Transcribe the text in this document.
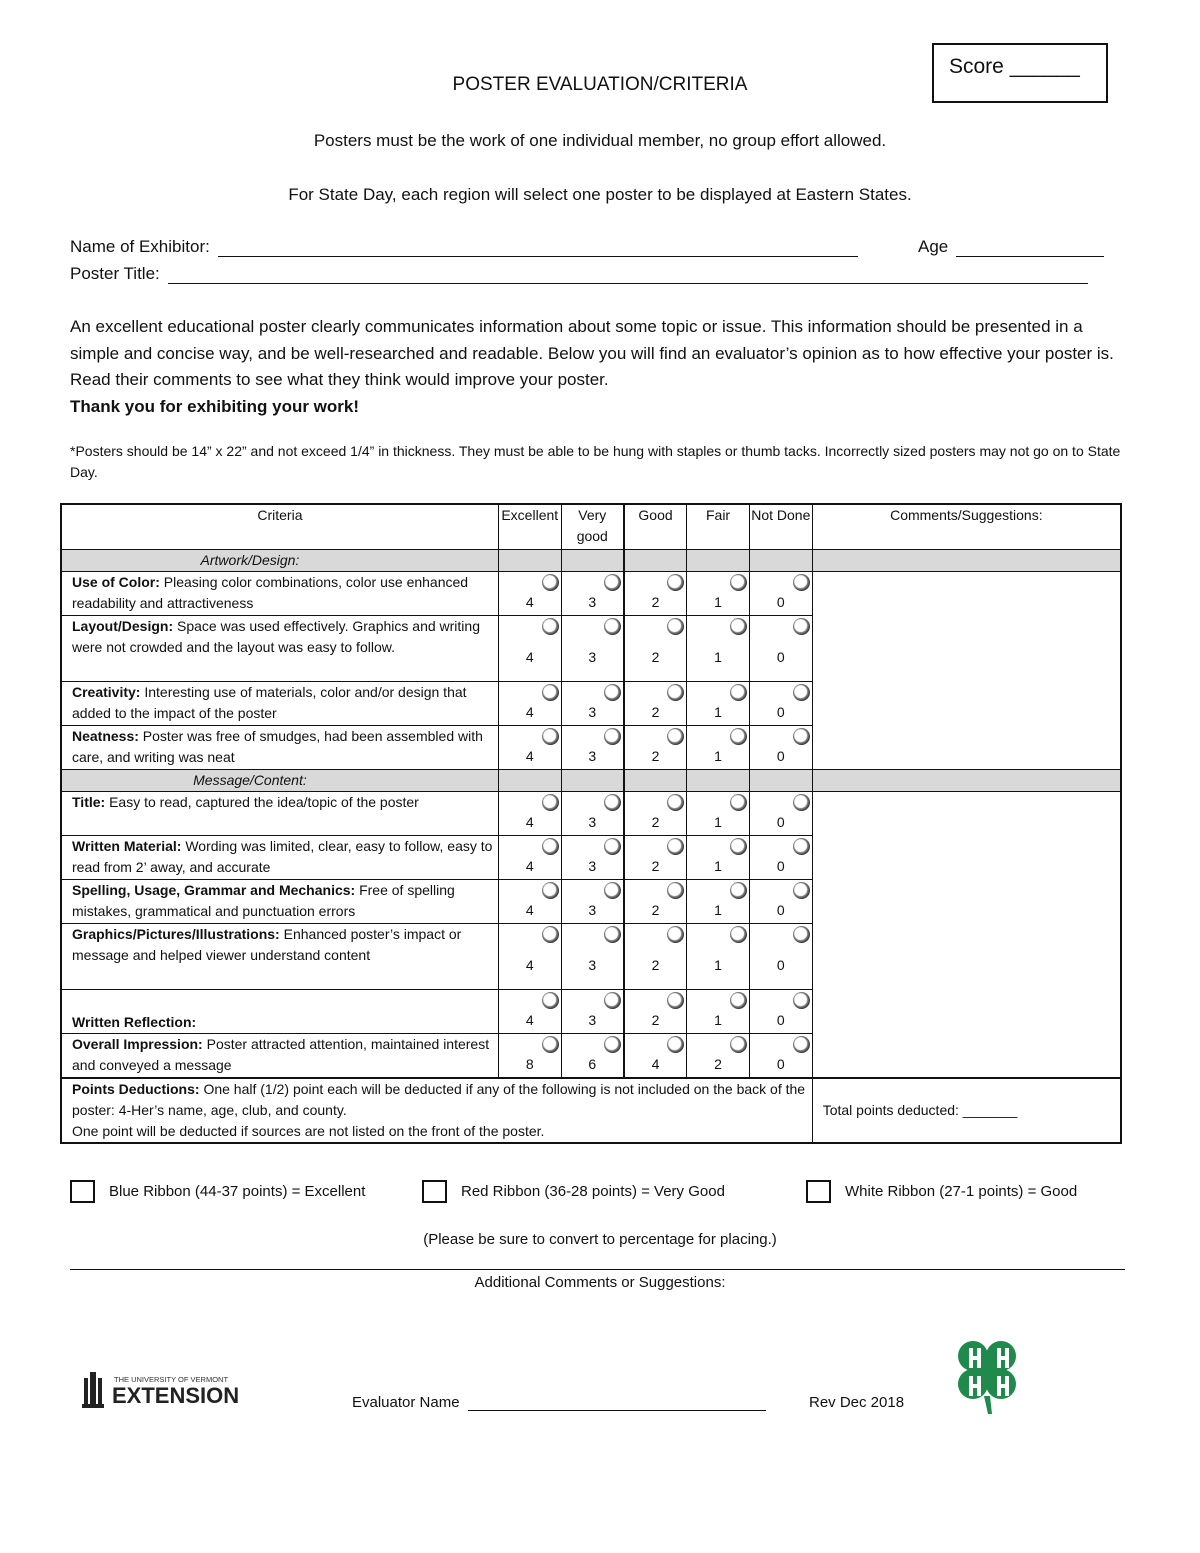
Score ______
POSTER EVALUATION/CRITERIA
Posters must be the work of one individual member, no group effort allowed.
For State Day, each region will select one poster to be displayed at Eastern States.
Name of Exhibitor:	Age
Poster Title:
An excellent educational poster clearly communicates information about some topic or issue. This information should be presented in a simple and concise way, and be well-researched and readable. Below you will find an evaluator’s opinion as to how effective your poster is. Read their comments to see what they think would improve your poster.
Thank you for exhibiting your work!
*Posters should be 14” x 22” and not exceed 1/4” in thickness. They must be able to be hung with staples or thumb tacks. Incorrectly sized posters may not go on to State Day.
Criteria	Excellent	Very good	Good	Fair	Not Done	Comments/Suggestions:
Artwork/Design:						
Use of Color: Pleasing color combinations, color use enhanced readability and attractiveness	4	3	2	1	0

Layout/Design: Space was used effectively. Graphics and writing were not crowded and the layout was easy to follow.	4	3	2	1	0	

Creativity: Interesting use of materials, color and/or design that added to the impact of the poster	4	3	2	1	0	

Neatness: Poster was free of smudges, had been assembled with care, and writing was neat	4	3	2	1	0	

Message/Content:						
Title: Easy to read, captured the idea/topic of the poster	4	3	2	1	0

Written Material: Wording was limited, clear, easy to follow, easy to read from 2’ away, and accurate	4	3	2	1	0	

Spelling, Usage, Grammar and Mechanics: Free of spelling mistakes, grammatical and punctuation errors	4	3	2	1	0	

Graphics/Pictures/Illustrations: Enhanced poster’s impact or message and helped viewer understand content	4	3	2	1	0	

Written Reflection:	4	3	2	1	0	

Overall Impression: Poster attracted attention, maintained interest and conveyed a message	8	6	4	2	0	

Points Deductions: One half (1/2) point each will be deducted if any of the following is not included on the back of the poster: 4-Her’s name, age, club, and county.
One point will be deducted if sources are not listed on the front of the poster.						Total points deducted: _______
Blue Ribbon (44-37 points) = Excellent	Red Ribbon (36-28 points) = Very Good	White Ribbon (27-1 points) = Good
(Please be sure to convert to percentage for placing.)
Additional Comments or Suggestions:
THE UNIVERSITY OF VERMONT
EXTENSION	Evaluator Name	Rev Dec 2018
